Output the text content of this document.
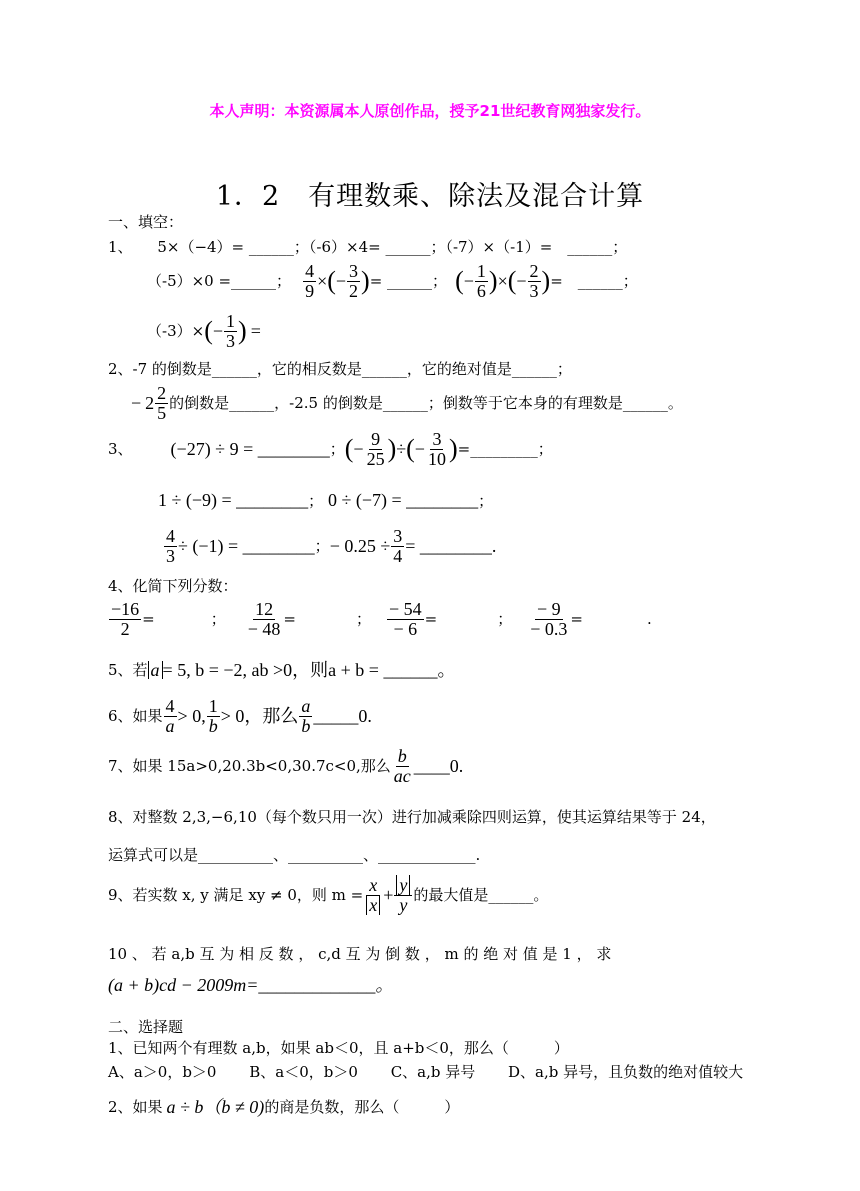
本人声明：本资源属本人原创作品，授予21世纪教育网独家发行。
1．2　有理数乘、除法及混合计算
一、填空：
1、 5×（−4）= ______；（-6）×4= ______；（-7）×（-1）=　______；
（-5）×0 =______； $\frac{4}{9}$ × ( − $\frac{3}{2}$ ) = ______； ( − $\frac{1}{6}$ ) × ( − $\frac{2}{3}$ ) =　______；
（-3）× ( − $\frac{1}{3}$ ) =
2、-7 的倒数是______，它的相反数是______，它的绝对值是______；
− $2 \frac{2}{5}$ 的倒数是______，-2.5 的倒数是______；倒数等于它本身的有理数是______。
3、 (−27) ÷ 9 = ________ ； ( − $\frac{9}{25}$ ) ÷ ( − $\frac{3}{10}$ ) =_________ ；
1 ÷ (−9) = ________； 0 ÷ (−7) = ________；
$\frac{4}{3} \div (-1)$ = ________ ； − $0.25 \div \frac{3}{4}$ = ________.
4、化简下列分数：
$\frac{-16}{2}$ =	； $\frac{12}{- 48}$ =	； $\frac{- 54}{- 6}$ =	； $\frac{- 9}{- 0.3}$ =	.
5、若 a = 5, b = −2, ab >0，则 a + b = ______。
6、如果 $\frac{4}{a} > 0$, $\frac{1}{b} > 0$，那么 $\frac{a}{b}$ _____0.
7、如果 15a>0,20.3b<0,30.7c<0,那么 $\frac{b}{ac}$ ____0.
8、对整数 2,3,−6,10（每个数只用一次）进行加减乘除四则运算，使其运算结果等于 24，
运算式可以是__________、__________、_____________.
9、若实数 x, y 满足 xy ≠ 0，则 $m = \frac{x}{x} + \frac{y}{y}$ 的最大值是______。
10 、 若 a,b 互 为 相 反 数 ， c,d 互 为 倒 数 ， m 的 绝 对 值 是 1 ， 求
(a + b)cd − 2009m=_____________。
二、选择题
1、已知两个有理数 a,b，如果 ab＜0，且 a+b＜0，那么（　　　）
A、a＞0，b＞0 B、a＜0，b＞0 C、a,b 异号 D、a,b 异号，且负数的绝对值较大
2、如果 a ÷ b（b ≠ 0) 的商是负数，那么（　　　）
